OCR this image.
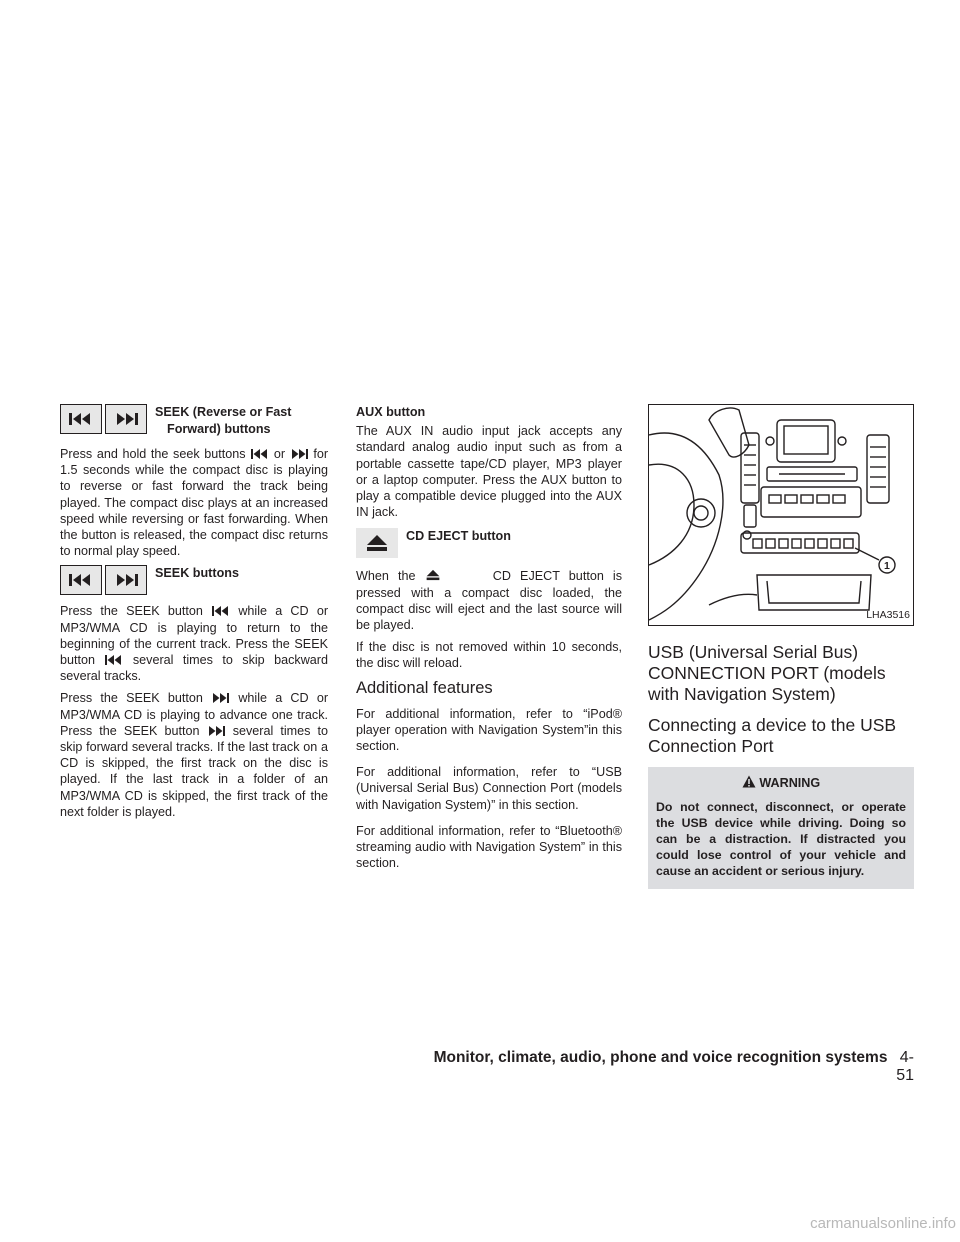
SEEK (Reverse or Fast
Forward) buttons

Press and hold the seek buttons or for 1.5 seconds while the compact disc is playing to reverse or fast forward the track being played. The compact disc plays at an increased speed while reversing or fast forwarding. When the button is released, the compact disc returns to normal play speed.

SEEK buttons

Press the SEEK button	while a CD or MP3/WMA CD is playing to return to the beginning of the current track. Press the SEEK button	several times to skip backward several tracks.

Press the SEEK button	while a CD or MP3/WMA CD is playing to advance one track. Press the SEEK button	several times to skip forward several tracks. If the last track on a CD is skipped, the first track on the disc is played. If the last track in a folder of an MP3/WMA CD is skipped, the first track of the next folder is played.

AUX button

The AUX IN audio input jack accepts any standard analog audio input such as from a portable cassette tape/CD player, MP3 player or a laptop computer. Press the AUX button to play a compatible device plugged into the AUX IN jack.

CD EJECT button

When the	CD EJECT button is pressed with a compact disc loaded, the compact disc will eject and the last source will be played.

If the disc is not removed within 10 seconds, the disc will reload.

Additional features

For additional information, refer to “iPod® player operation with Navigation System”in this section.

For additional information, refer to “USB (Universal Serial Bus) Connection Port (models with Navigation System)” in this section.

For additional information, refer to “Bluetooth® streaming audio with Navigation System” in this section.

1
LHA3516
USB (Universal Serial Bus) CONNECTION PORT (models with Navigation System)
Connecting a device to the USB Connection Port
WARNING
Do not connect, disconnect, or operate the USB device while driving. Doing so can be a distraction. If distracted you could lose control of your vehicle and cause an accident or serious injury.
Monitor, climate, audio, phone and voice recognition systems 4-51
carmanualsonline.info
